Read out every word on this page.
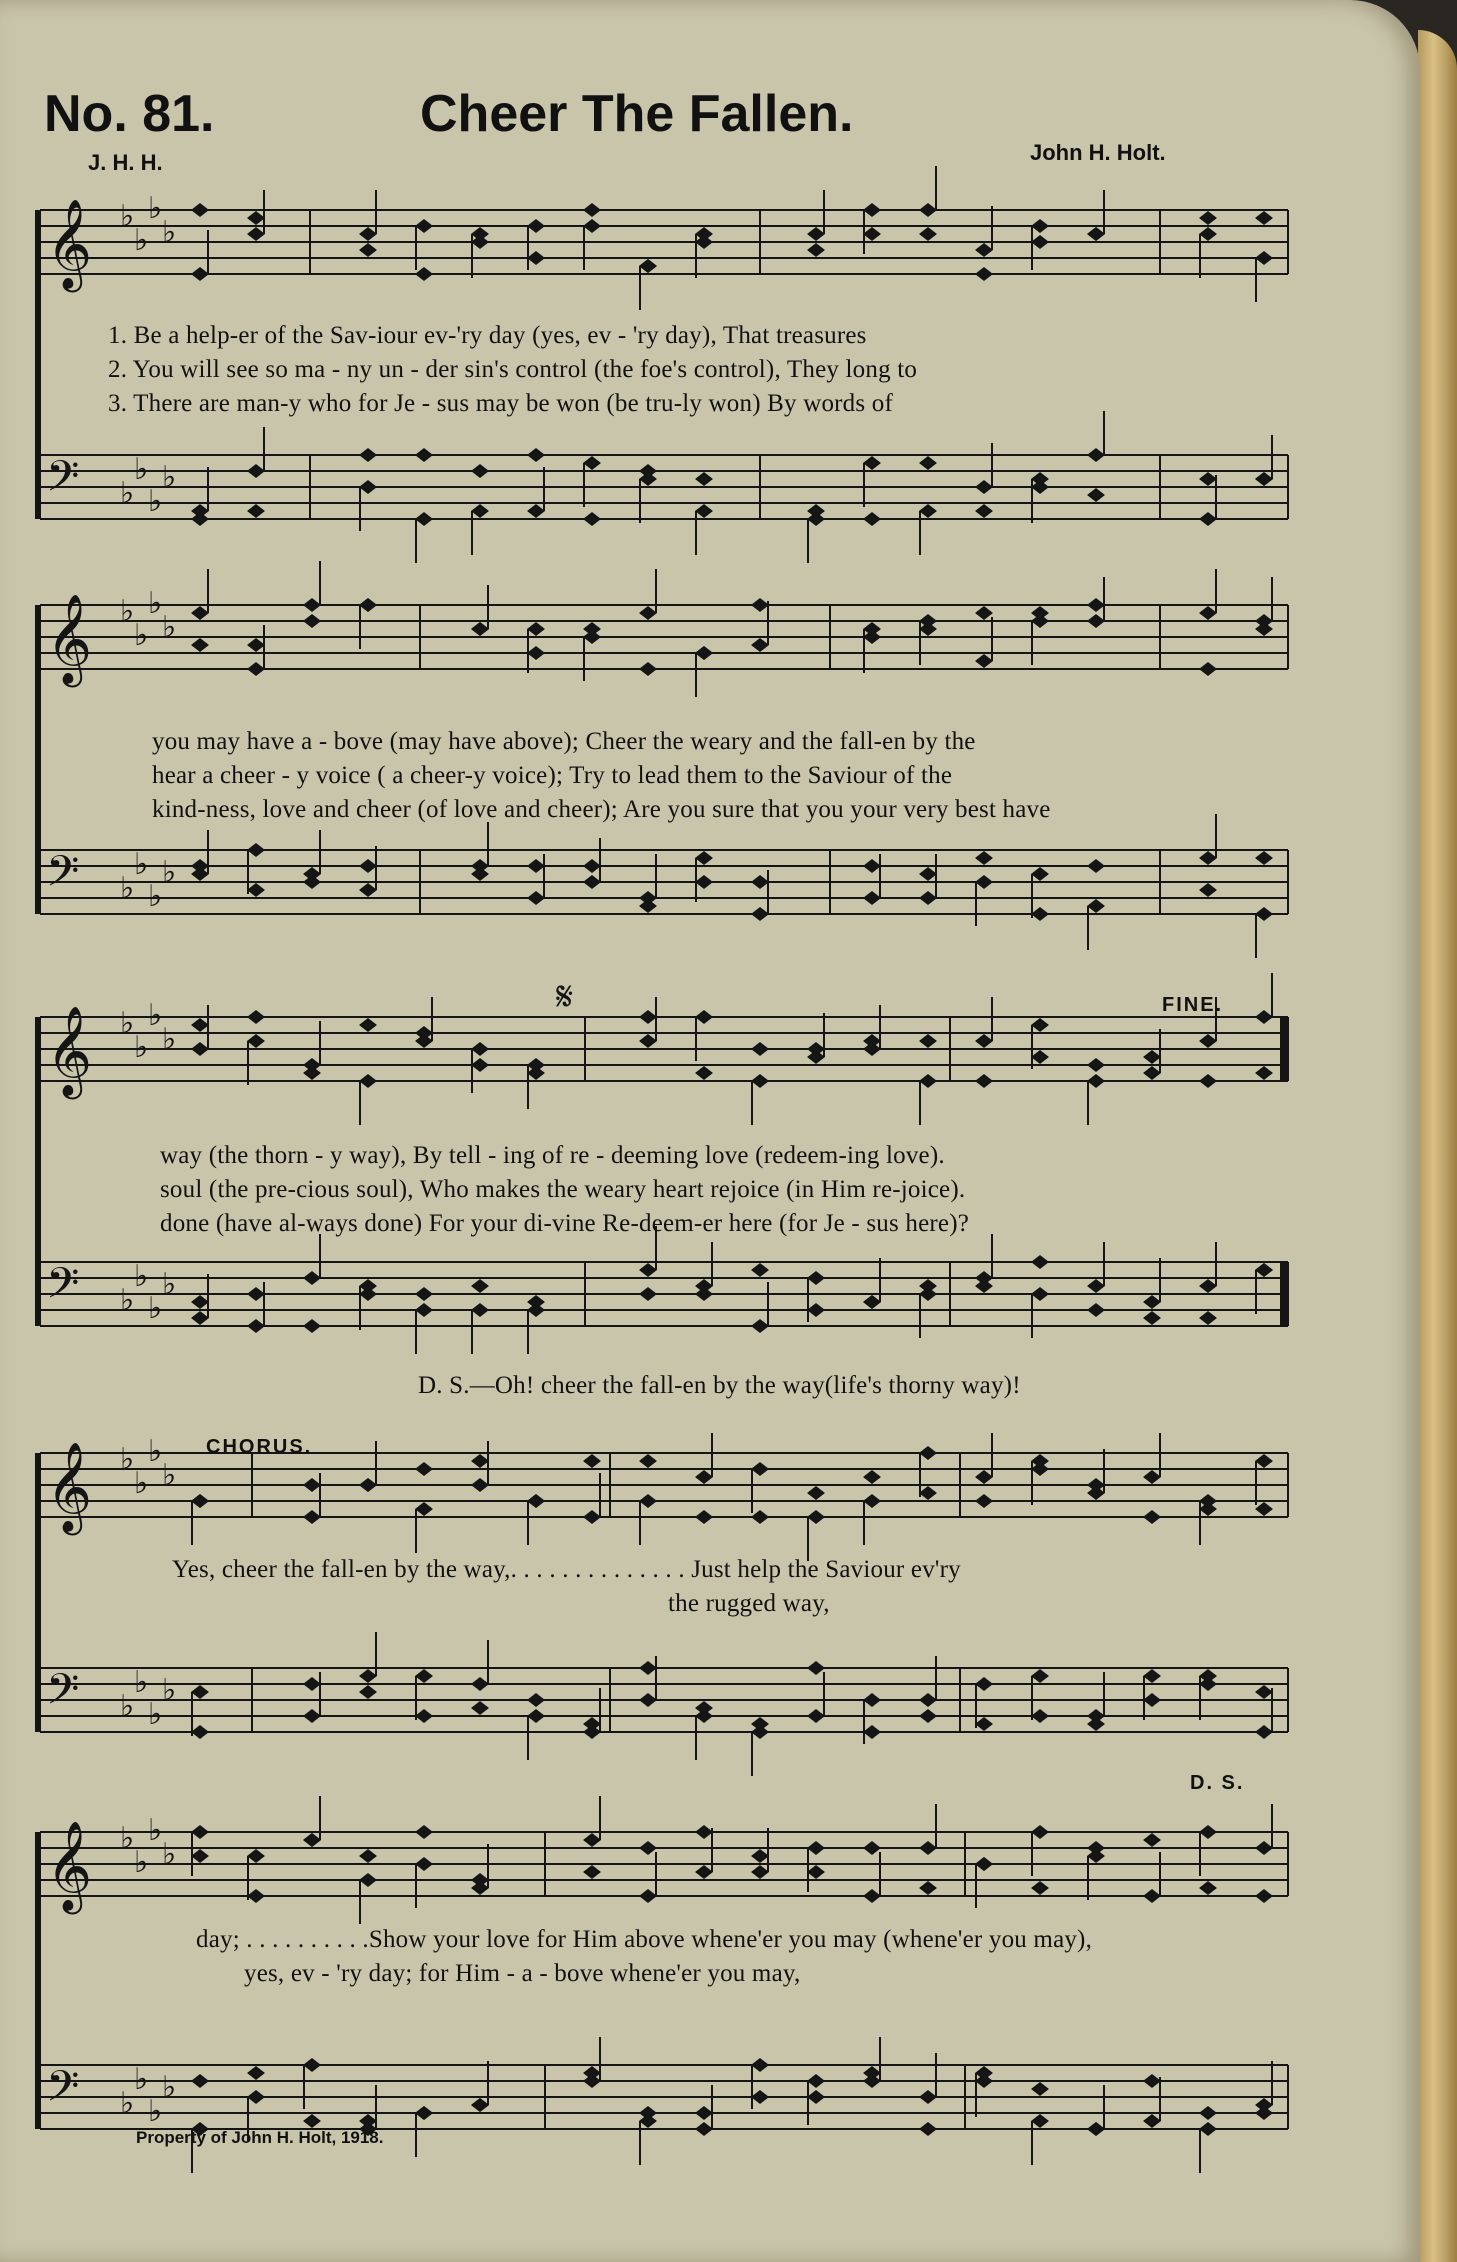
No. 81.	Cheer The Fallen.
J. H. H.	John H. Holt.
𝄞 ♭
♭
♭
♭
𝄢 ♭
♭
♭
♭
𝄞 ♭
♭
♭
♭
𝄢 ♭
♭
♭
♭
𝄞 ♭
♭
♭
♭
𝄢 ♭
♭
♭
♭
𝄞 ♭
♭
♭
♭
𝄢 ♭
♭
♭
♭
𝄞 ♭
♭
♭
♭
𝄢 ♭
♭
♭
♭
𝄋
1. Be a help-er of the Sav-iour ev-'ry day (yes, ev - 'ry day), That treasures
2. You will see so ma - ny un - der sin's control (the foe's control), They long to
3. There are man-y who for Je - sus may be won (be tru-ly won) By words of
you may have a - bove (may have above); Cheer the weary and the fall-en by the
hear a cheer - y voice ( a cheer-y voice); Try to lead them to the Saviour of the
kind-ness, love and cheer (of love and cheer); Are you sure that you your very best have
FINE.
way (the thorn - y way), By tell - ing of re - deeming love (redeem-ing love).
soul (the pre-cious soul), Who makes the weary heart rejoice (in Him re-joice).
done (have al-ways done) For your di-vine Re-deem-er here (for Je - sus here)?
D. S.—Oh! cheer the fall-en by the way(life's thorny way)!
CHORUS.
Yes, cheer the fall-en by the way,. . . . . . . . . . . . . . Just help the Saviour ev'ry
the rugged way,
D. S.
day; . . . . . . . . . .Show your love for Him above whene'er you may (whene'er you may),
yes, ev - 'ry day; for Him - a - bove whene'er you may,
Property of John H. Holt, 1918.
